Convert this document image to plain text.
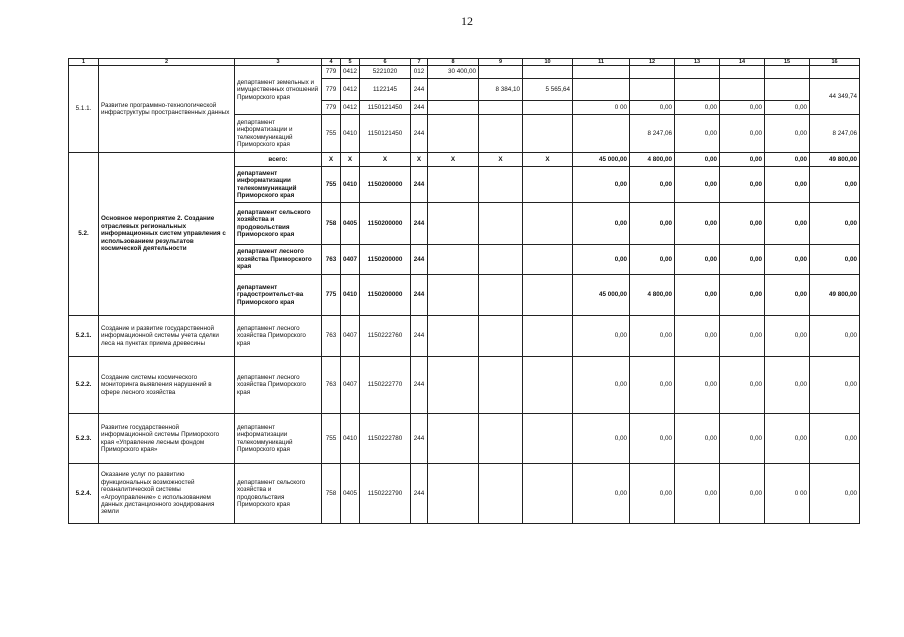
12
1	2	3	4	5	6	7	8	9	10	11	12	13	14	15	16
5.1.1.	Развитие программно-технологической инфраструктуры пространственных данных	департамент земельных и имущественных отношений Приморского края	779	0412	5221020	012	30 400,00								
			779	0412	1122145	244		8 384,10	5 565,64						44 349,74
			779	0412	1150121450	244				0 00	0,00	0,00	0,00	0,00	
		департамент информатизации и телекоммуникаций Приморского края	755	0410	1150121450	244					8 247,06	0,00	0,00	0,00	8 247,06
5.2.	Основное мероприятие 2. Создание отраслевых региональных информационных систем управления с использованием результатов космической деятельности	всего:	X	X	X	X	X	X	X	45 000,00	4 800,00	0,00	0,00	0,00	49 800,00
		департамент информатизации телекоммуникаций Приморского края	755	0410	1150200000	244				0,00	0,00	0,00	0,00	0,00	0,00
		департамент сельского хозяйства и продовольствия Приморского края	758	0405	1150200000	244				0,00	0,00	0,00	0,00	0,00	0,00
		департамент лесного хозяйства Приморского края	763	0407	1150200000	244				0,00	0,00	0,00	0,00	0,00	0,00
		департамент градостроительст-ва Приморского края	775	0410	1150200000	244				45 000,00	4 800,00	0,00	0,00	0,00	49 800,00
5.2.1.	Создание и развитие государственной информационной системы учета сделки леса на пунктах приема древесины	департамент лесного хозяйства Приморского края	763	0407	1150222760	244				0,00	0,00	0,00	0,00	0,00	0,00
5.2.2.	Создание системы космического мониторинга выявления нарушений в сфере лесного хозяйства	департамент лесного хозяйства Приморского края	763	0407	1150222770	244				0,00	0,00	0,00	0,00	0,00	0,00
5.2.3.	Развитие государственной информационной системы Приморского края «Управление лесным фондом Приморского края»	департамент информатизации телекоммуникаций Приморского края	755	0410	1150222780	244				0,00	0,00	0,00	0,00	0,00	0,00
5.2.4.	Оказание услуг по развитию функциональных возможностей геоаналитической системы «Агроуправление» с использованием данных дистанционного зондирования земли	департамент сельского хозяйства и продовольствия Приморского края	758	0405	1150222790	244				0,00	0,00	0,00	0,00	0 00	0,00
